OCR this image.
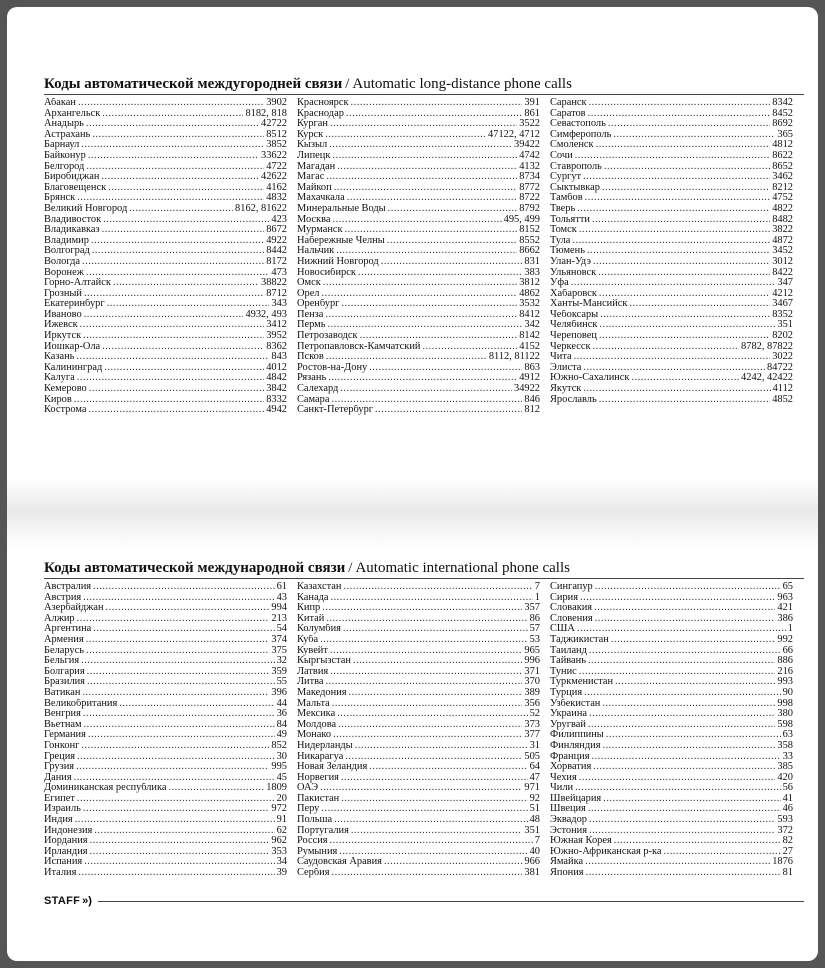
Коды автоматической междугородней связи / Automatic long-distance phone calls
Абакан .....	3902
Архангельск .....	8182, 818
Анадырь .....	42722
Астрахань .....	8512
Барнаул .....	3852
Байконур .....	33622
Белгород .....	4722
Биробиджан .....	42622
Благовещенск .....	4162
Брянск .....	4832
Великий Новгород .....	8162, 81622
Владивосток .....	423
Владикавказ .....	8672
Владимир .....	4922
Волгоград .....	8442
Вологда .....	8172
Воронеж .....	473
Горно-Алтайск .....	38822
Грозный .....	8712
Екатеринбург .....	343
Иваново .....	4932, 493
Ижевск .....	3412
Иркутск .....	3952
Йошкар-Ола .....	8362
Казань .....	843
Калининград .....	4012
Калуга .....	4842
Кемерово .....	3842
Киров .....	8332
Кострома .....	4942
Красноярск .....	391
Краснодар .....	861
Курган .....	3522
Курск .....	47122, 4712
Кызыл .....	39422
Липецк .....	4742
Магадан .....	4132
Магас .....	8734
Майкоп .....	8772
Махачкала .....	8722
Минеральные Воды .....	8792
Москва .....	495, 499
Мурманск .....	8152
Набережные Челны .....	8552
Нальчик .....	8662
Нижний Новгород .....	831
Новосибирск .....	383
Омск .....	3812
Орел .....	4862
Оренбург .....	3532
Пенза .....	8412
Пермь .....	342
Петрозаводск .....	8142
Петропавловск-Камчатский .....	4152
Псков .....	8112, 81122
Ростов-на-Дону .....	863
Рязань .....	4912
Салехард .....	34922
Самара .....	846
Санкт-Петербург .....	812
Саранск .....	8342
Саратов .....	8452
Севастополь .....	8692
Симферополь .....	365
Смоленск .....	4812
Сочи .....	8622
Ставрополь .....	8652
Сургут .....	3462
Сыктывкар .....	8212
Тамбов .....	4752
Тверь .....	4822
Тольятти .....	8482
Томск .....	3822
Тула .....	4872
Тюмень .....	3452
Улан-Удэ .....	3012
Ульяновск .....	8422
Уфа .....	347
Хабаровск .....	4212
Ханты-Мансийск .....	3467
Чебоксары .....	8352
Челябинск .....	351
Череповец .....	8202
Черкесск .....	8782, 87822
Чита .....	3022
Элиста .....	84722
Южно-Сахалинск .....	4242, 42422
Якутск .....	4112
Ярославль .....	4852
Коды автоматической международной связи / Automatic international phone calls
Австралия .....	61
Австрия .....	43
Азербайджан .....	994
Алжир .....	213
Аргентина .....	54
Армения .....	374
Беларусь .....	375
Бельгия .....	32
Болгария .....	359
Бразилия .....	55
Ватикан .....	396
Великобритания .....	44
Венгрия .....	36
Вьетнам .....	84
Германия .....	49
Гонконг .....	852
Греция .....	30
Грузия .....	995
Дания .....	45
Доминиканская республика .....	1809
Египет .....	20
Израиль .....	972
Индия .....	91
Индонезия .....	62
Иордания .....	962
Ирландия .....	353
Испания .....	34
Италия .....	39
Казахстан .....	7
Канада .....	1
Кипр .....	357
Китай .....	86
Колумбия .....	57
Куба .....	53
Кувейт .....	965
Кыргызстан .....	996
Латвия .....	371
Литва .....	370
Македония .....	389
Мальта .....	356
Мексика .....	52
Молдова .....	373
Монако .....	377
Нидерланды .....	31
Никарагуа .....	505
Новая Зеландия .....	64
Норвегия .....	47
ОАЭ .....	971
Пакистан .....	92
Перу .....	51
Польша .....	48
Португалия .....	351
Россия .....	7
Румыния .....	40
Саудовская Аравия .....	966
Сербия .....	381
Сингапур .....	65
Сирия .....	963
Словакия .....	421
Словения .....	386
США .....	1
Таджикистан .....	992
Таиланд .....	66
Тайвань .....	886
Тунис .....	216
Туркменистан .....	993
Турция .....	90
Узбекистан .....	998
Украина .....	380
Уругвай .....	598
Филиппины .....	63
Финляндия .....	358
Франция .....	33
Хорватия .....	385
Чехия .....	420
Чили .....	56
Швейцария .....	41
Швеция .....	46
Эквадор .....	593
Эстония .....	372
Южная Корея .....	82
Южно-Африканская р-ка .....	27
Ямайка .....	1876
Япония .....	81
STAFF »)
